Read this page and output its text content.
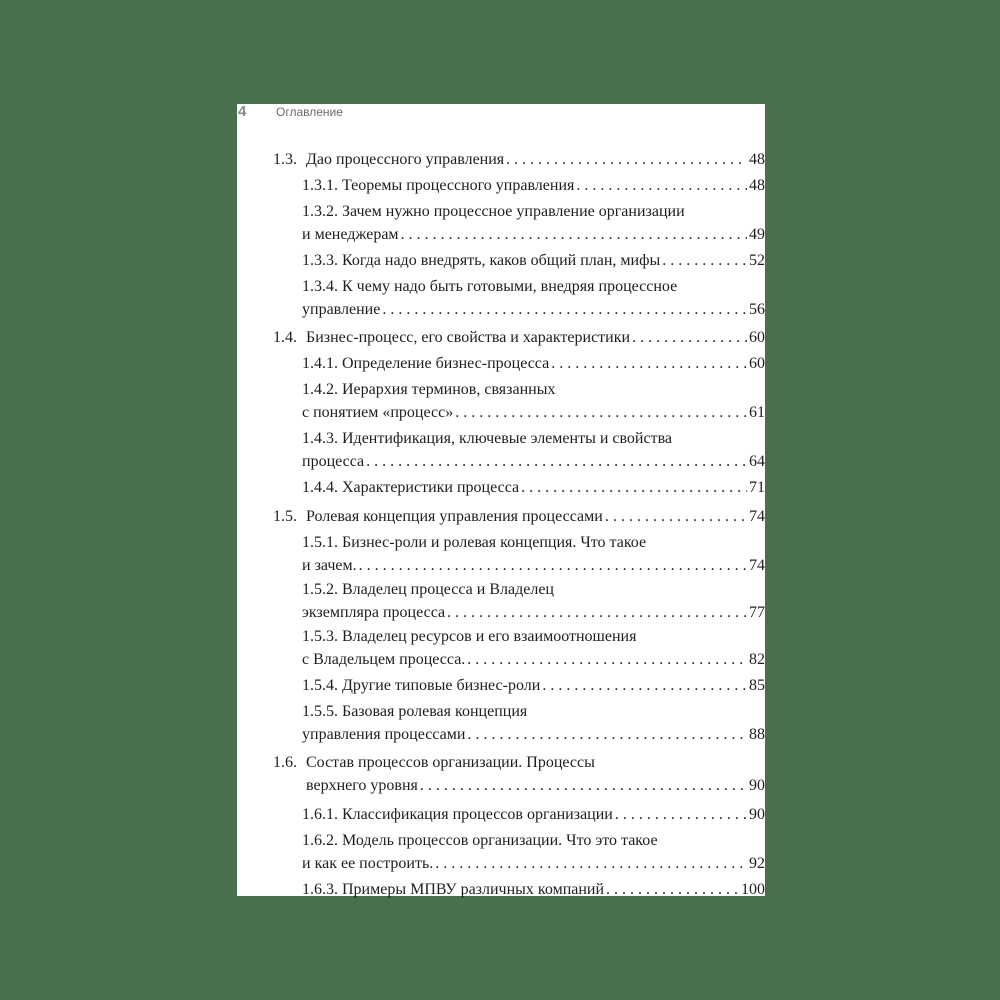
4 Оглавление
1.3. Дао процессного управления . . .	48
1.3.1. Теоремы процессного управления . . .	48
1.3.2. Зачем нужно процессное управление организации
и менеджерам . . .	49
1.3.3. Когда надо внедрять, каков общий план, мифы . . .	52
1.3.4. К чему надо быть готовыми, внедряя процессное
управление . . .	56
1.4. Бизнес-процесс, его свойства и характеристики . . .	60
1.4.1. Определение бизнес-процесса . . .	60
1.4.2. Иерархия терминов, связанных
с понятием «процесс» . . .	61
1.4.3. Идентификация, ключевые элементы и свойства
процесса . . .	64
1.4.4. Характеристики процесса . . .	71
1.5. Ролевая концепция управления процессами . . .	74
1.5.1. Бизнес-роли и ролевая концепция. Что такое
и зачем. . . .	74
1.5.2. Владелец процесса и Владелец
экземпляра процесса . . .	77
1.5.3. Владелец ресурсов и его взаимоотношения
с Владельцем процесса. . . .	82
1.5.4. Другие типовые бизнес-роли . . .	85
1.5.5. Базовая ролевая концепция
управления процессами . . .	88
1.6. Состав процессов организации. Процессы
верхнего уровня . . .	90
1.6.1. Классификация процессов организации . . .	90
1.6.2. Модель процессов организации. Что это такое
и как ее построить. . . .	92
1.6.3. Примеры МПВУ различных компаний . . .	100
